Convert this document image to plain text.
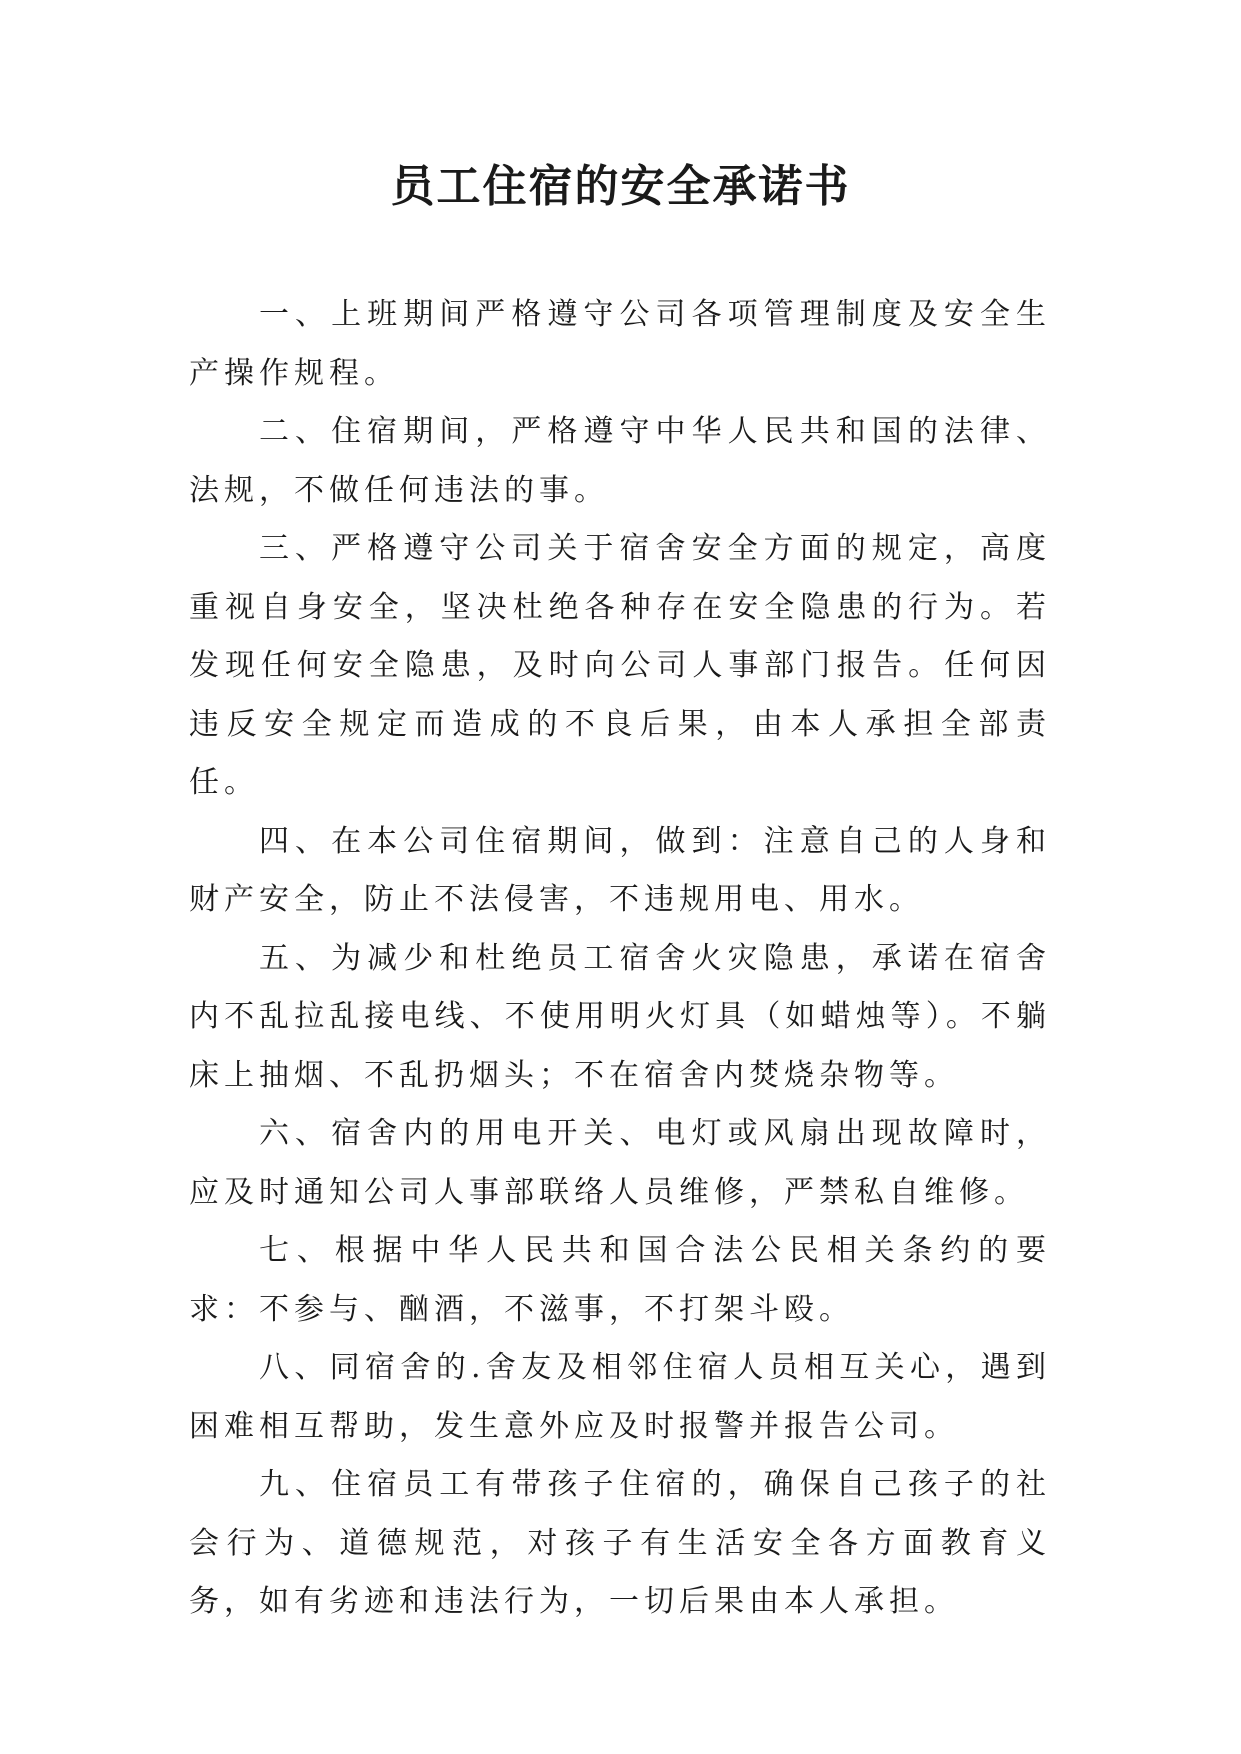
员工住宿的安全承诺书

一、上班期间严格遵守公司各项管理制度及安全生产操作规程。

二、住宿期间，严格遵守中华人民共和国的法律、法规，不做任何违法的事。

三、严格遵守公司关于宿舍安全方面的规定，高度重视自身安全，坚决杜绝各种存在安全隐患的行为。若发现任何安全隐患，及时向公司人事部门报告。任何因违反安全规定而造成的不良后果，由本人承担全部责任。

四、在本公司住宿期间，做到：注意自己的人身和财产安全，防止不法侵害，不违规用电、用水。

五、为减少和杜绝员工宿舍火灾隐患，承诺在宿舍内不乱拉乱接电线、不使用明火灯具（如蜡烛等）。不躺床上抽烟、不乱扔烟头；不在宿舍内焚烧杂物等。

六、宿舍内的用电开关、电灯或风扇出现故障时，应及时通知公司人事部联络人员维修，严禁私自维修。

七、根据中华人民共和国合法公民相关条约的要求：不参与、酗酒，不滋事，不打架斗殴。

八、同宿舍的.舍友及相邻住宿人员相互关心，遇到困难相互帮助，发生意外应及时报警并报告公司。

九、住宿员工有带孩子住宿的，确保自己孩子的社会行为、道德规范，对孩子有生活安全各方面教育义务，如有劣迹和违法行为，一切后果由本人承担。
